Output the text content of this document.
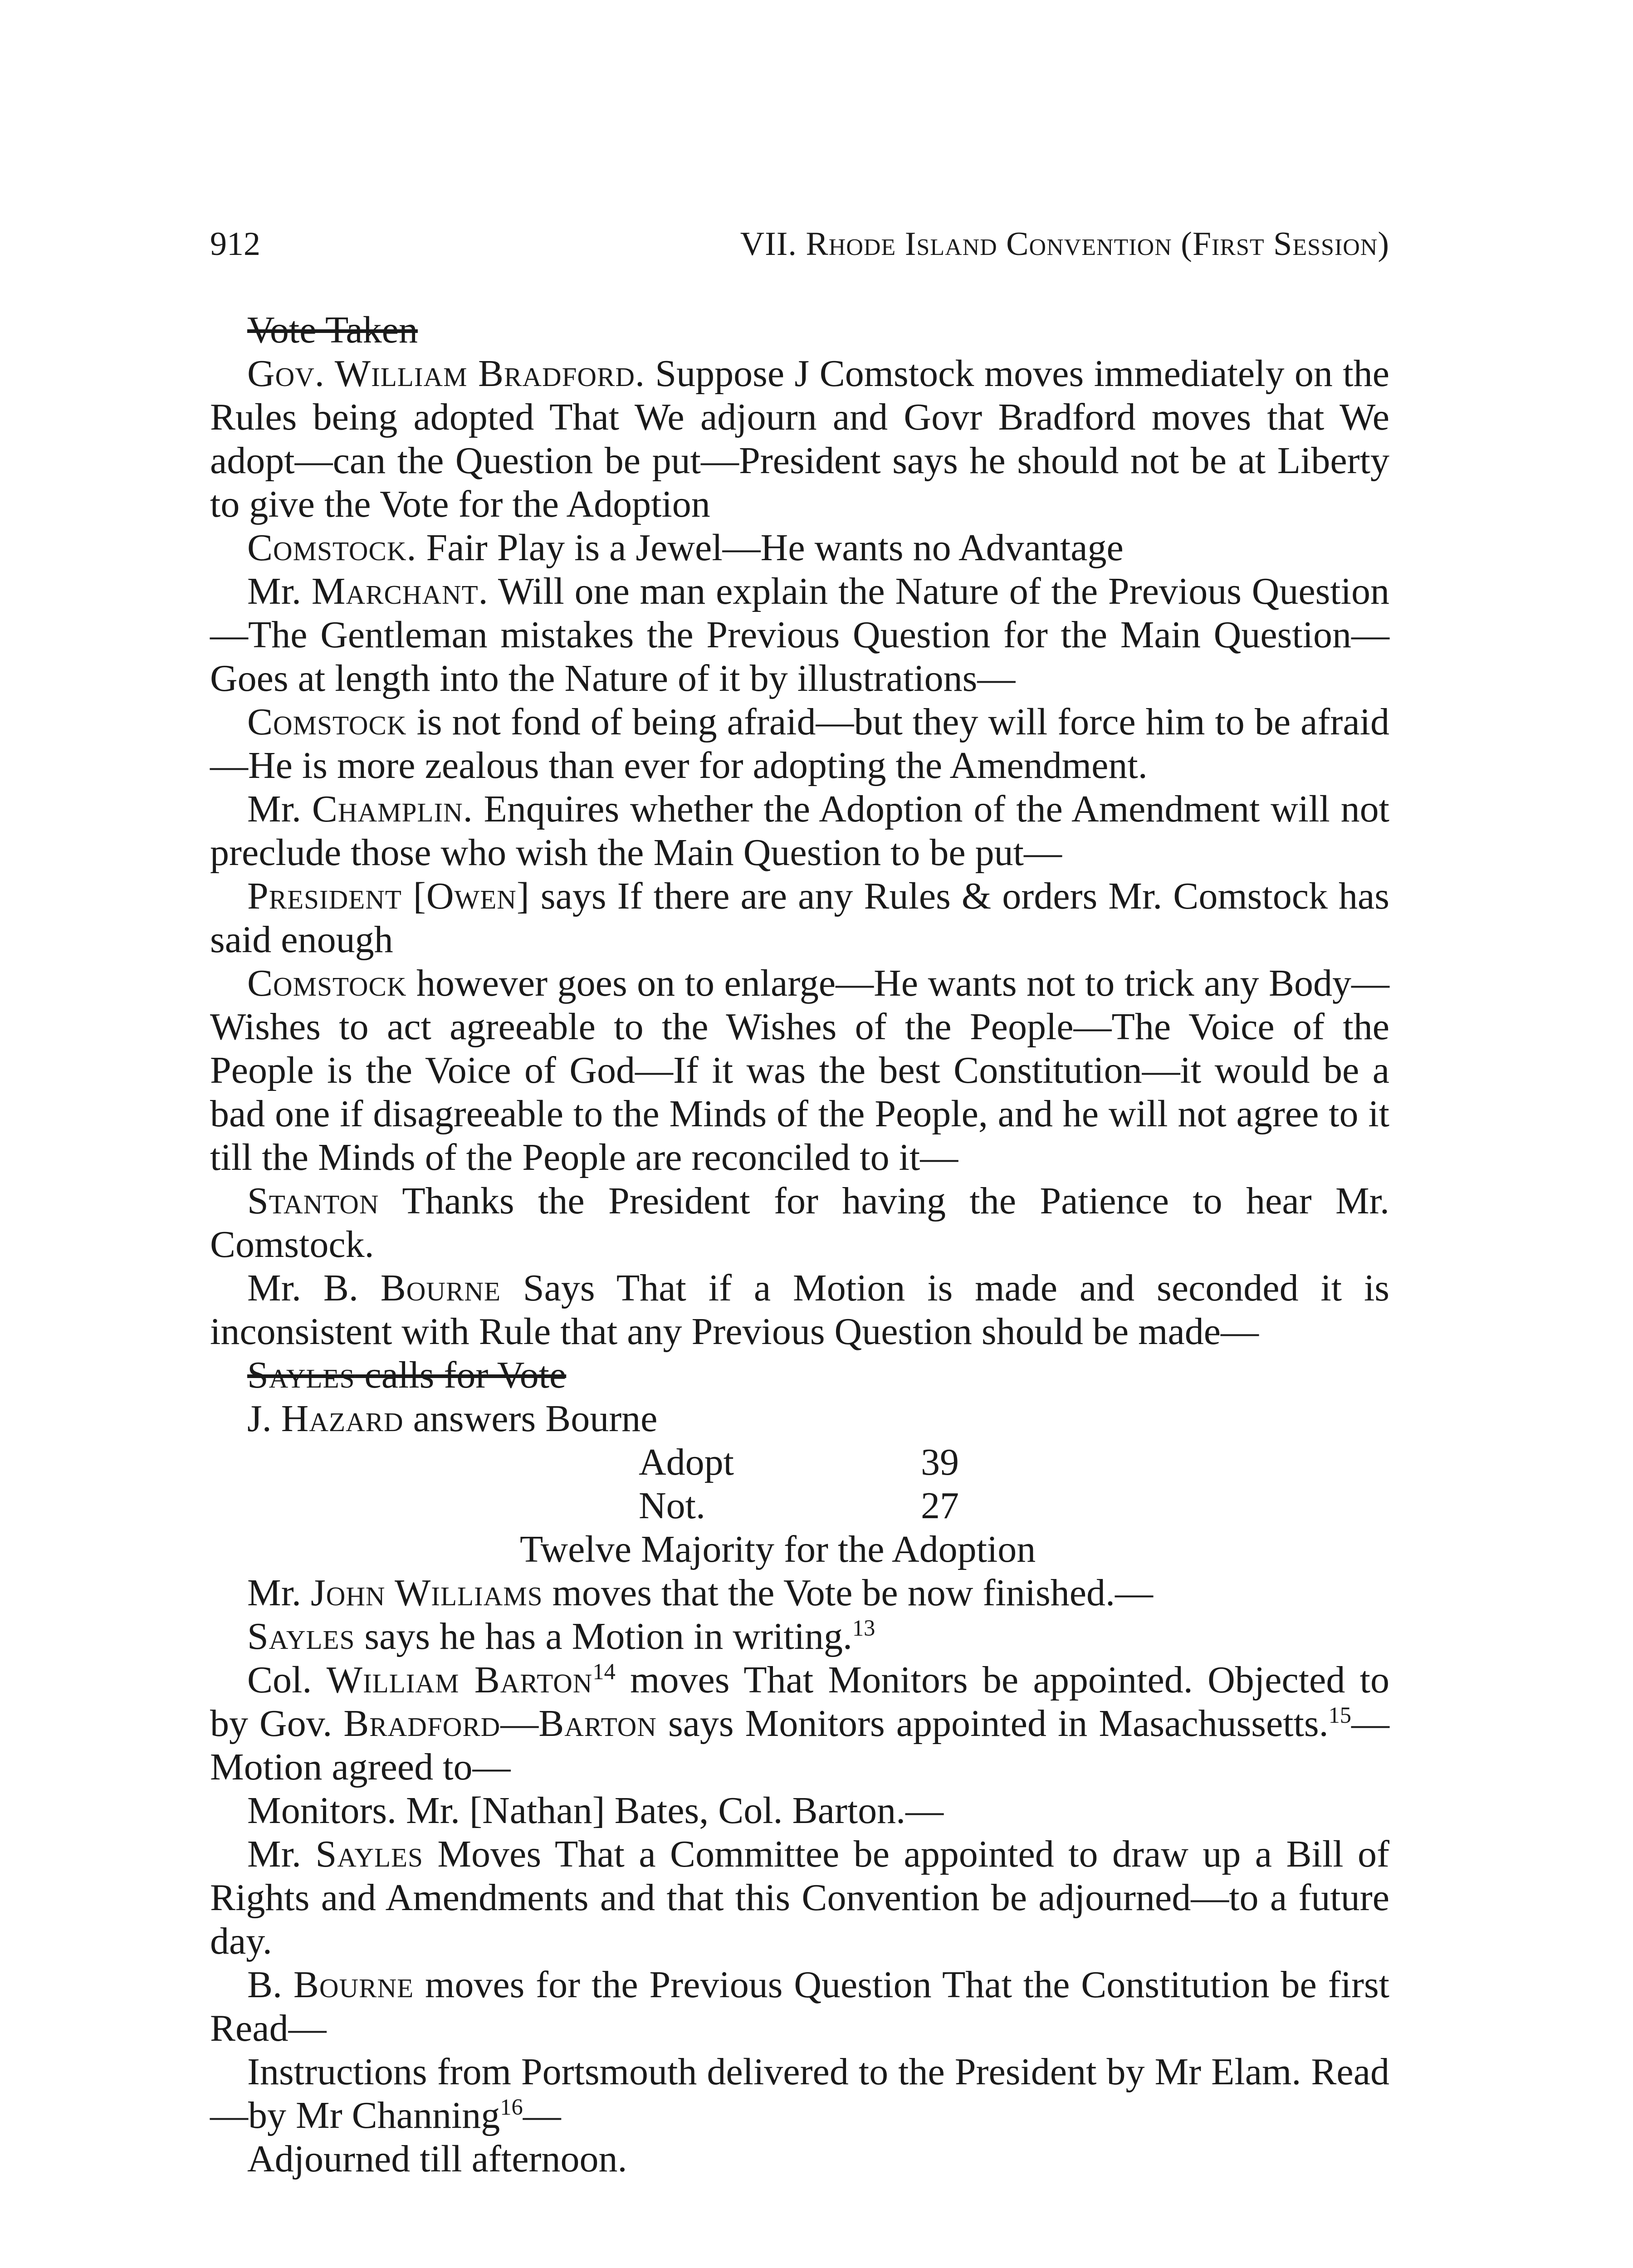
912	VII. Rhode Island Convention (First Session)

Vote Taken

Gov. William Bradford. Suppose J Comstock moves immediately on the Rules being adopted That We adjourn and Govr Bradford moves that We adopt—can the Question be put—President says he should not be at Liberty to give the Vote for the Adoption

Comstock. Fair Play is a Jewel—He wants no Advantage

Mr. Marchant. Will one man explain the Nature of the Previous Question—The Gentleman mistakes the Previous Question for the Main Question—Goes at length into the Nature of it by illustrations—

Comstock is not fond of being afraid—but they will force him to be afraid—He is more zealous than ever for adopting the Amendment.

Mr. Champlin. Enquires whether the Adoption of the Amendment will not preclude those who wish the Main Question to be put—

President [Owen] says If there are any Rules & orders Mr. Comstock has said enough

Comstock however goes on to enlarge—He wants not to trick any Body—Wishes to act agreeable to the Wishes of the People—The Voice of the People is the Voice of God—If it was the best Constitution—it would be a bad one if disagreeable to the Minds of the People, and he will not agree to it till the Minds of the People are reconciled to it—

Stanton Thanks the President for having the Patience to hear Mr. Comstock.

Mr. B. Bourne Says That if a Motion is made and seconded it is inconsistent with Rule that any Previous Question should be made—

Sayles calls for Vote

J. Hazard answers Bourne

Adopt	39
Not.	27

Twelve Majority for the Adoption

Mr. John Williams moves that the Vote be now finished.—

Sayles says he has a Motion in writing.$^{13}$

Col. William Barton$^{14}$ moves That Monitors be appointed. Objected to by Gov. Bradford—Barton says Monitors appointed in Masachussetts.$^{15}$—Motion agreed to—

Monitors. Mr. [Nathan] Bates, Col. Barton.—

Mr. Sayles Moves That a Committee be appointed to draw up a Bill of Rights and Amendments and that this Convention be adjourned—to a future day.

B. Bourne moves for the Previous Question That the Constitution be first Read—

Instructions from Portsmouth delivered to the President by Mr Elam. Read—by Mr Channing$^{16}$—

Adjourned till afternoon.
